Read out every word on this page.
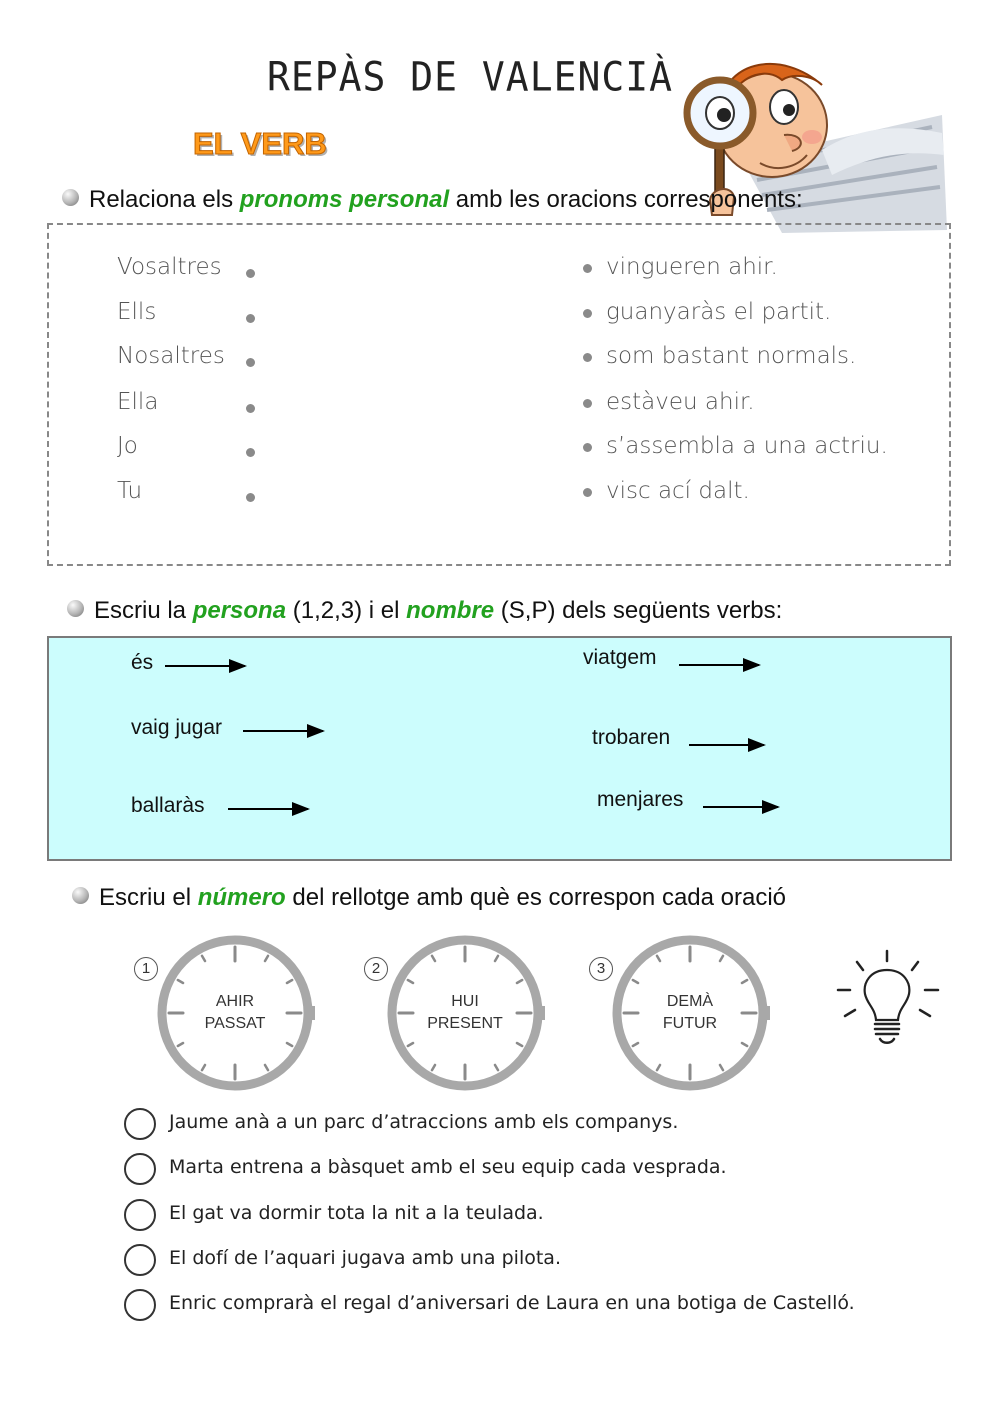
REPÀS DE VALENCIÀ
EL VERB
Relaciona els pronoms personal amb les oracions corresponents:
Escriu la persona (1,2,3) i el nombre (S,P) dels següents verbs:
Escriu el número del rellotge amb què es correspon cada oració
Vosaltres
Ells
Nosaltres
Ella
Jo
Tu
vingueren ahir.
guanyaràs el partit.
som bastant normals.
estàveu ahir.
s’assembla a una actriu.
visc ací dalt.
és
vaig jugar
ballaràs
viatgem
trobaren
menjares
1
AHIR
PASSAT
2
HUI
PRESENT
3
DEMÀ
FUTUR
Jaume anà a un parc d’atraccions amb els companys.
Marta entrena a bàsquet amb el seu equip cada vesprada.
El gat va dormir tota la nit a la teulada.
El dofí de l’aquari jugava amb una pilota.
Enric comprarà el regal d’aniversari de Laura en una botiga de Castelló.
